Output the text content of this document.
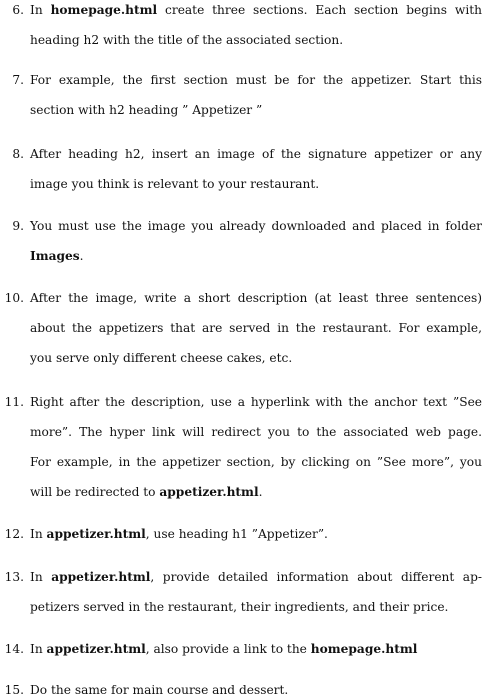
6. In homepage.html create three sections. Each section begins with
heading h2 with the title of the associated section.
7. For example, the first section must be for the appetizer. Start this
section with h2 heading ” Appetizer ”
8. After heading h2, insert an image of the signature appetizer or any
image you think is relevant to your restaurant.
9. You must use the image you already downloaded and placed in folder
Images.
10. After the image, write a short description (at least three sentences)
about the appetizers that are served in the restaurant. For example,
you serve only different cheese cakes, etc.
11. Right after the description, use a hyperlink with the anchor text ”See
more”. The hyper link will redirect you to the associated web page.
For example, in the appetizer section, by clicking on ”See more”, you
will be redirected to appetizer.html.
12. In appetizer.html, use heading h1 ”Appetizer”.
13. In appetizer.html, provide detailed information about different ap-
petizers served in the restaurant, their ingredients, and their price.
14. In appetizer.html, also provide a link to the homepage.html
15. Do the same for main course and dessert.
